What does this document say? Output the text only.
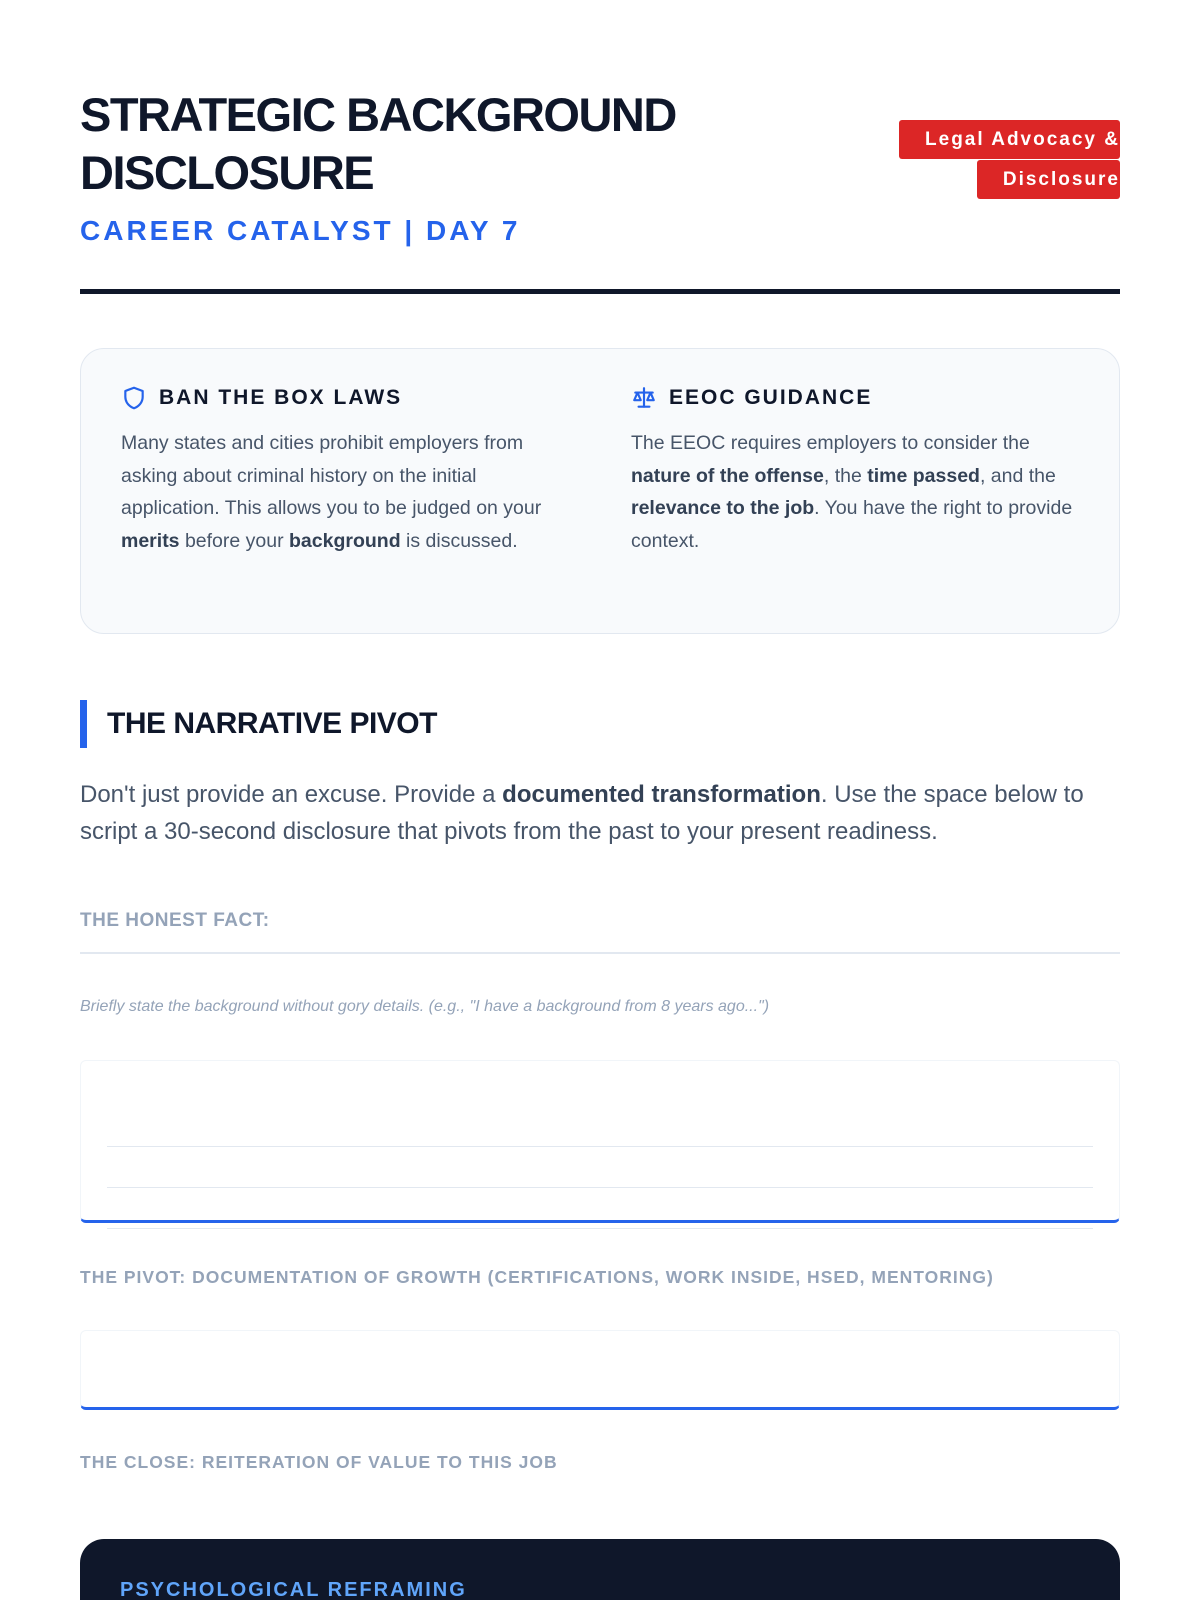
STRATEGIC BACKGROUND DISCLOSURE
CAREER CATALYST | DAY 7
Legal Advocacy & Disclosure
BAN THE BOX LAWS

Many states and cities prohibit employers from asking about criminal history on the initial application. This allows you to be judged on your merits before your background is discussed.

EEOC GUIDANCE

The EEOC requires employers to consider the nature of the offense, the time passed, and the relevance to the job. You have the right to provide context.

THE NARRATIVE PIVOT

Don't just provide an excuse. Provide a documented transformation. Use the space below to script a 30-second disclosure that pivots from the past to your present readiness.

THE HONEST FACT:
Briefly state the background without gory details. (e.g., "I have a background from 8 years ago...")
THE PIVOT: DOCUMENTATION OF GROWTH (CERTIFICATIONS, WORK INSIDE, HSED, MENTORING)
THE CLOSE: REITERATION OF VALUE TO THIS JOB
PSYCHOLOGICAL REFRAMING
